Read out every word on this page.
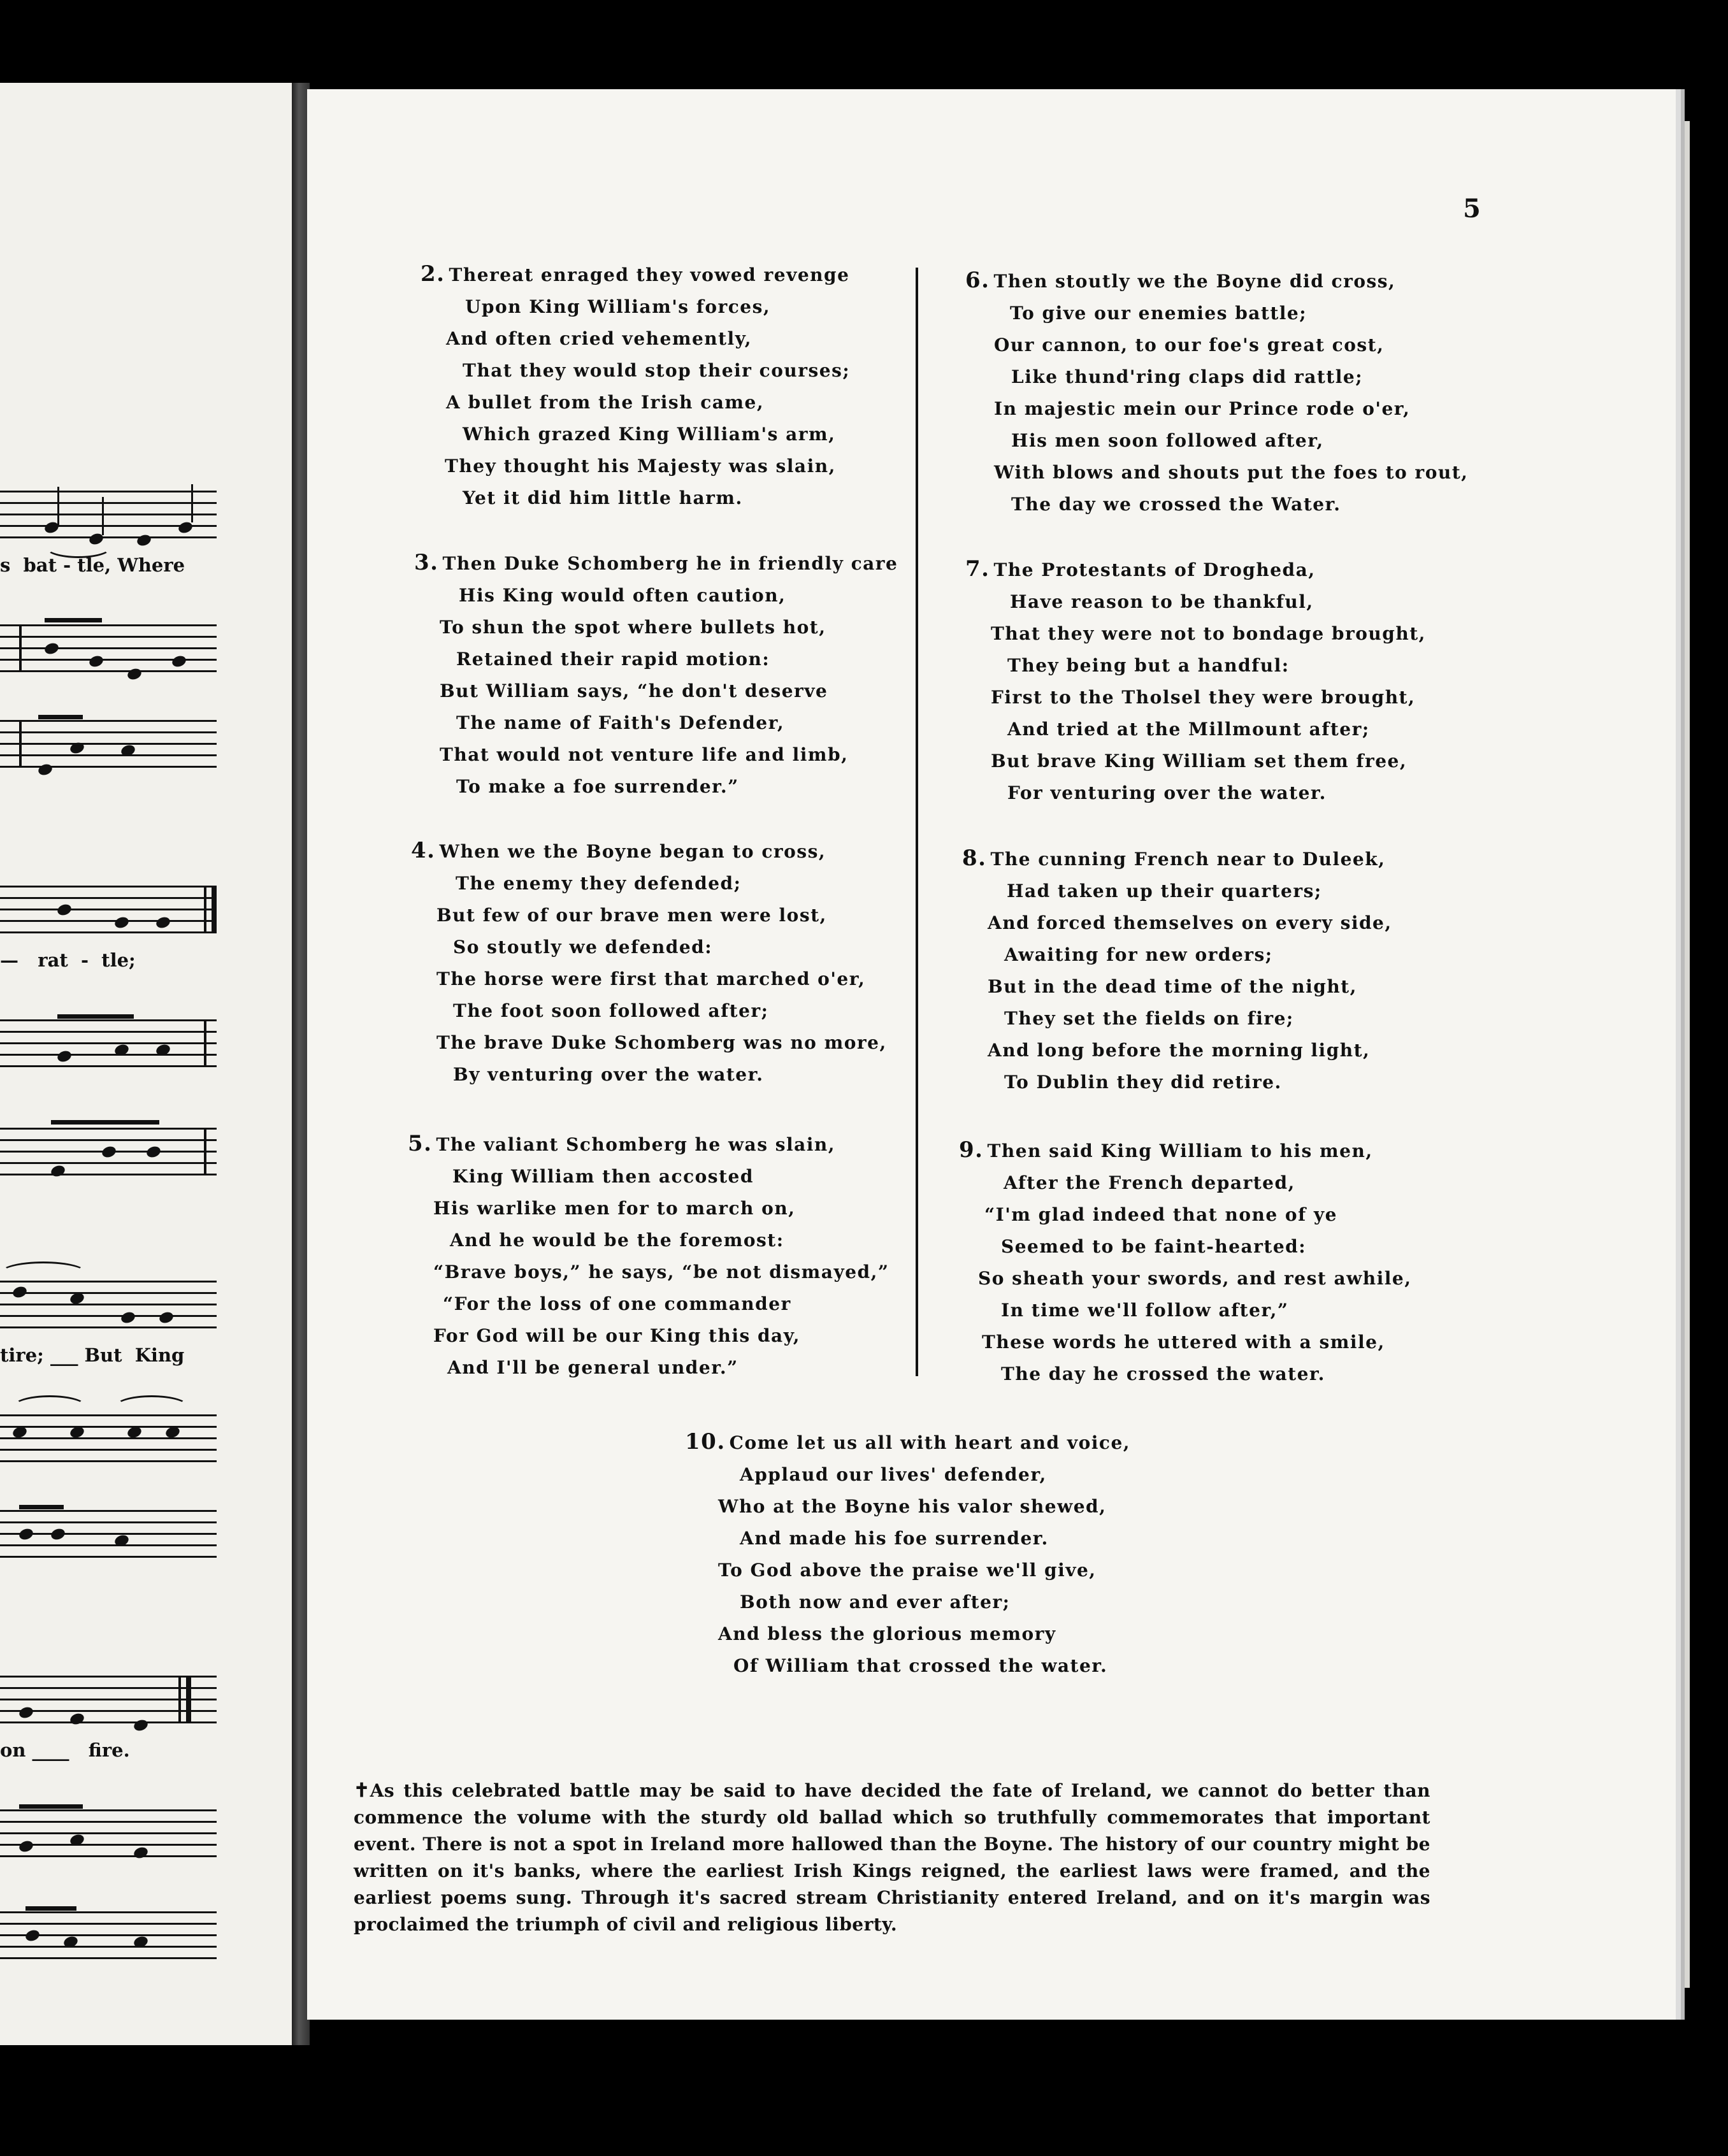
s  bat - tle, Where
—   rat  -  tle;
tire; ___ But  King
on ____   fire.
5
2. Thereat enraged they vowed revenge
Upon King William's forces,
And often cried vehemently,
That they would stop their courses;
A bullet from the Irish came,
Which grazed King William's arm,
They thought his Majesty was slain,
Yet it did him little harm.
3. Then Duke Schomberg he in friendly care
His King would often caution,
To shun the spot where bullets hot,
Retained their rapid motion:
But William says, “he don't deserve
The name of Faith's Defender,
That would not venture life and limb,
To make a foe surrender.”
4. When we the Boyne began to cross,
The enemy they defended;
But few of our brave men were lost,
So stoutly we defended:
The horse were first that marched o'er,
The foot soon followed after;
The brave Duke Schomberg was no more,
By venturing over the water.
5. The valiant Schomberg he was slain,
King William then accosted
His warlike men for to march on,
And he would be the foremost:
“Brave boys,” he says, “be not dismayed,”
“For the loss of one commander
For God will be our King this day,
And I'll be general under.”
6. Then stoutly we the Boyne did cross,
To give our enemies battle;
Our cannon, to our foe's great cost,
Like thund'ring claps did rattle;
In majestic mein our Prince rode o'er,
His men soon followed after,
With blows and shouts put the foes to rout,
The day we crossed the Water.
7. The Protestants of Drogheda,
Have reason to be thankful,
That they were not to bondage brought,
They being but a handful:
First to the Tholsel they were brought,
And tried at the Millmount after;
But brave King William set them free,
For venturing over the water.
8. The cunning French near to Duleek,
Had taken up their quarters;
And forced themselves on every side,
Awaiting for new orders;
But in the dead time of the night,
They set the fields on fire;
And long before the morning light,
To Dublin they did retire.
9. Then said King William to his men,
After the French departed,
“I'm glad indeed that none of ye
Seemed to be faint-hearted:
So sheath your swords, and rest awhile,
In time we'll follow after,”
These words he uttered with a smile,
The day he crossed the water.
10. Come let us all with heart and voice,
Applaud our lives' defender,
Who at the Boyne his valor shewed,
And made his foe surrender.
To God above the praise we'll give,
Both now and ever after;
And bless the glorious memory
Of William that crossed the water.
✝As this celebrated battle may be said to have decided the fate of Ireland, we cannot do better than commence the volume with the sturdy old ballad which so truthfully commemorates that important event. There is not a spot in Ireland more hallowed than the Boyne. The history of our country might be written on it's banks, where the earliest Irish Kings reigned, the earliest laws were framed, and the earliest poems sung. Through it's sacred stream Christianity entered Ireland, and on it's margin was proclaimed the triumph of civil and religious liberty.
